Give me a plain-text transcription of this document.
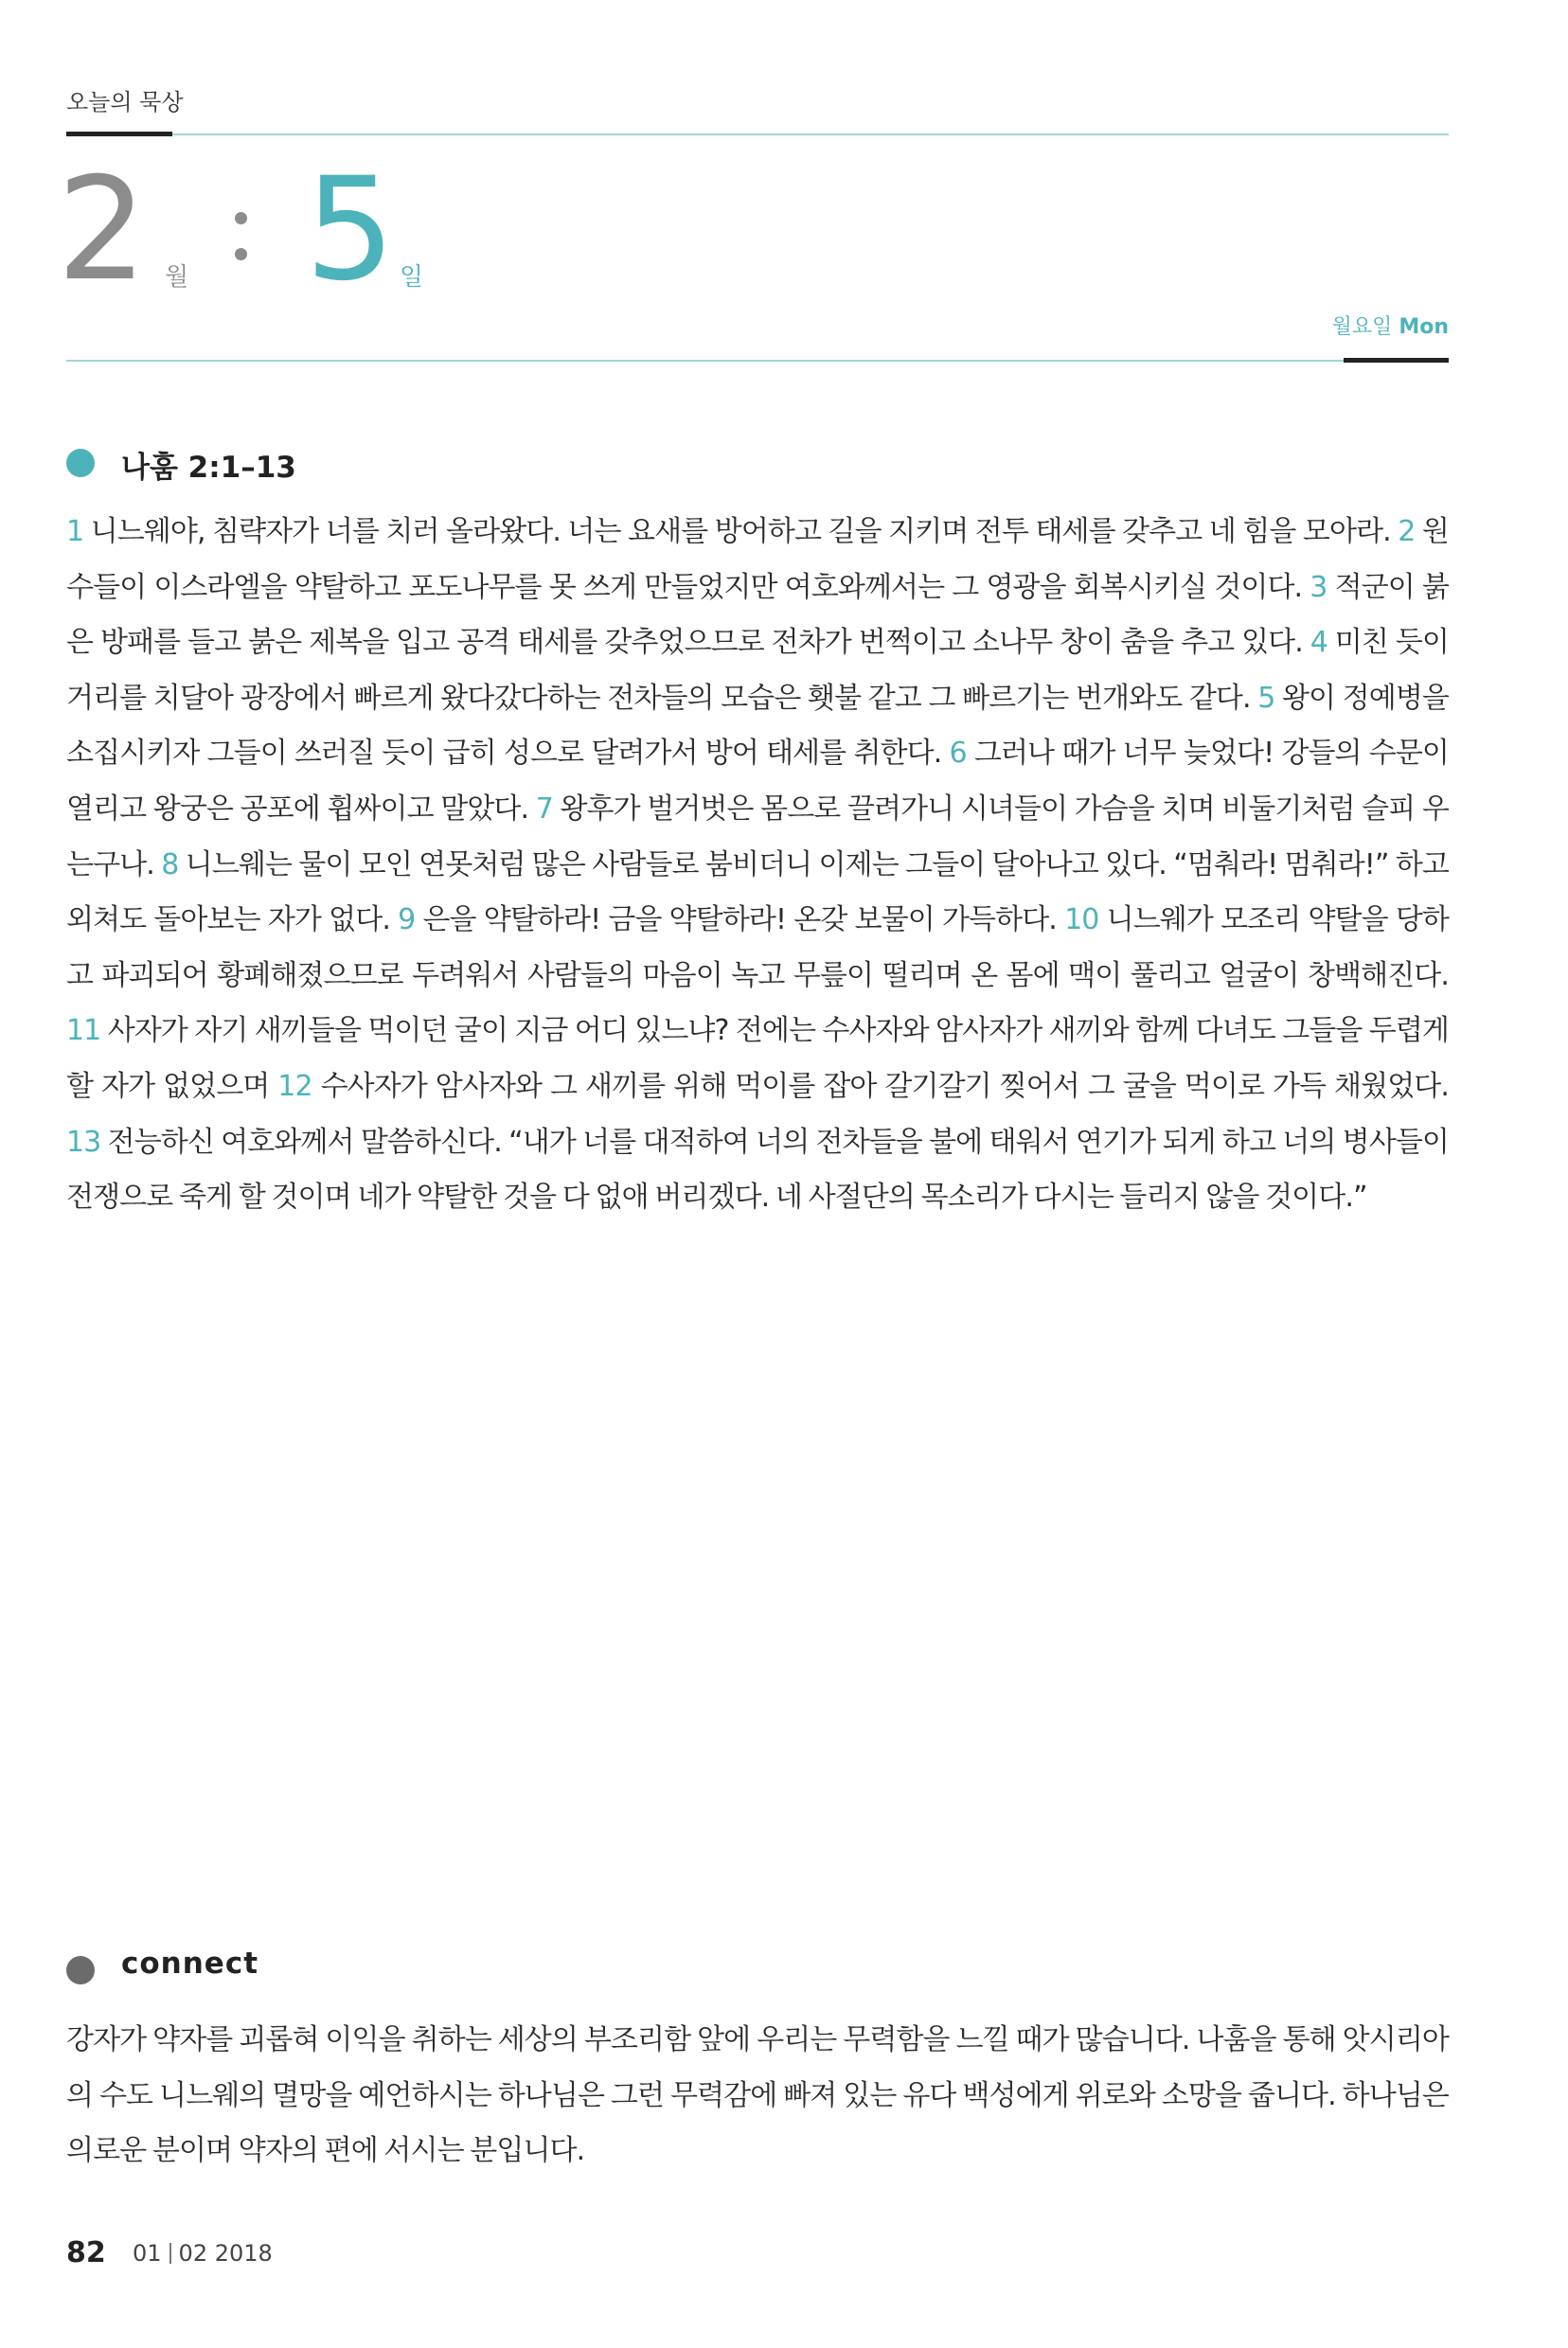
오늘의 묵상
2 월 5 일
월요일 Mon
나훔 2:1–13

1 니느웨야, 침략자가 너를 치러 올라왔다. 너는 요새를 방어하고 길을 지키며 전투 태세를 갖추고 네 힘을 모아라. 2 원수들이 이스라엘을 약탈하고 포도나무를 못 쓰게 만들었지만 여호와께서는 그 영광을 회복시키실 것이다. 3 적군이 붉은 방패를 들고 붉은 제복을 입고 공격 태세를 갖추었으므로 전차가 번쩍이고 소나무 창이 춤을 추고 있다. 4 미친 듯이 거리를 치달아 광장에서 빠르게 왔다갔다하는 전차들의 모습은 횃불 같고 그 빠르기는 번개와도 같다. 5 왕이 정예병을 소집시키자 그들이 쓰러질 듯이 급히 성으로 달려가서 방어 태세를 취한다. 6 그러나 때가 너무 늦었다! 강들의 수문이 열리고 왕궁은 공포에 휩싸이고 말았다. 7 왕후가 벌거벗은 몸으로 끌려가니 시녀들이 가슴을 치며 비둘기처럼 슬피 우는구나. 8 니느웨는 물이 모인 연못처럼 많은 사람들로 붐비더니 이제는 그들이 달아나고 있다. “멈춰라! 멈춰라!” 하고 외쳐도 돌아보는 자가 없다. 9 은을 약탈하라! 금을 약탈하라! 온갖 보물이 가득하다. 10 니느웨가 모조리 약탈을 당하고 파괴되어 황폐해졌으므로 두려워서 사람들의 마음이 녹고 무릎이 떨리며 온 몸에 맥이 풀리고 얼굴이 창백해진다. 11 사자가 자기 새끼들을 먹이던 굴이 지금 어디 있느냐? 전에는 수사자와 암사자가 새끼와 함께 다녀도 그들을 두렵게 할 자가 없었으며 12 수사자가 암사자와 그 새끼를 위해 먹이를 잡아 갈기갈기 찢어서 그 굴을 먹이로 가득 채웠었다. 13 전능하신 여호와께서 말씀하신다. “내가 너를 대적하여 너의 전차들을 불에 태워서 연기가 되게 하고 너의 병사들이 전쟁으로 죽게 할 것이며 네가 약탈한 것을 다 없애 버리겠다. 네 사절단의 목소리가 다시는 들리지 않을 것이다.”

connect

강자가 약자를 괴롭혀 이익을 취하는 세상의 부조리함 앞에 우리는 무력함을 느낄 때가 많습니다. 나훔을 통해 앗시리아의 수도 니느웨의 멸망을 예언하시는 하나님은 그런 무력감에 빠져 있는 유다 백성에게 위로와 소망을 줍니다. 하나님은 의로운 분이며 약자의 편에 서시는 분입니다.

82 01 02 2018
